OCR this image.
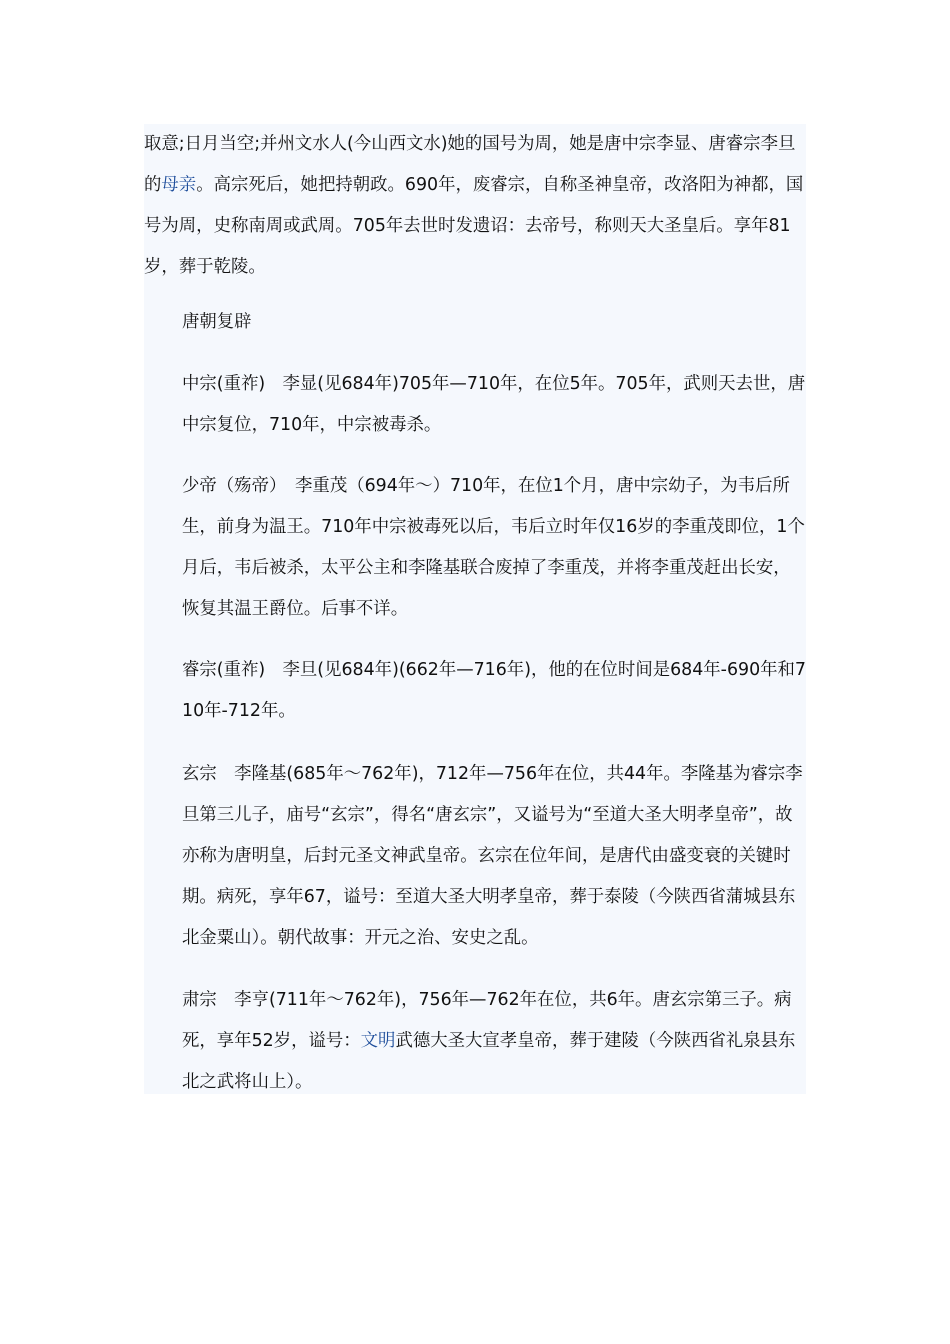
取意;日月当空;并州文水人(今山西文水)她的国号为周，她是唐中宗李显、唐睿宗李旦的母亲。高宗死后，她把持朝政。690年，废睿宗，自称圣神皇帝，改洛阳为神都，国号为周，史称南周或武周。705年去世时发遗诏：去帝号，称则天大圣皇后。享年81岁，葬于乾陵。

唐朝复辟

中宗(重祚)　李显(见684年)705年—710年，在位5年。705年，武则天去世，唐中宗复位，710年，中宗被毒杀。

少帝（殇帝）　李重茂（694年～）710年，在位1个月，唐中宗幼子，为韦后所生，前身为温王。710年中宗被毒死以后，韦后立时年仅16岁的李重茂即位，1个月后，韦后被杀，太平公主和李隆基联合废掉了李重茂，并将李重茂赶出长安，恢复其温王爵位。后事不详。

睿宗(重祚)　李旦(见684年)(662年—716年)，他的在位时间是684年-690年和710年-712年。

玄宗　李隆基(685年～762年)，712年—756年在位，共44年。李隆基为睿宗李旦第三儿子，庙号“玄宗”，得名“唐玄宗”，又谥号为“至道大圣大明孝皇帝”，故亦称为唐明皇，后封元圣文神武皇帝。玄宗在位年间，是唐代由盛变衰的关键时期。病死，享年67，谥号：至道大圣大明孝皇帝，葬于泰陵（今陕西省蒲城县东北金粟山）。朝代故事：开元之治、安史之乱。

肃宗　李亨(711年～762年)，756年—762年在位，共6年。唐玄宗第三子。病死，享年52岁，谥号：文明武德大圣大宣孝皇帝，葬于建陵（今陕西省礼泉县东北之武将山上）。
